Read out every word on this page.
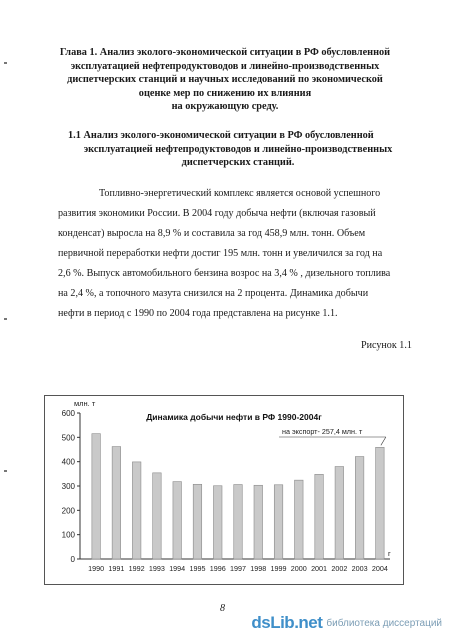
Глава 1. Анализ эколого-экономической ситуации в РФ обусловленной
эксплуатацией нефтепродуктоводов и линейно-производственных
диспетчерских станций и научных исследований по экономической
оценке мер по снижению их влияния
на окружающую среду.
1.1 Анализ эколого-экономической ситуации в РФ обусловленной
эксплуатацией нефтепродуктоводов и линейно-производственных
диспетчерских станций.
Топливно-энергетический комплекс является основой успешного
развития экономики России. В 2004 году добыча нефти (включая газовый
конденсат) выросла на 8,9 % и составила за год 458,9 млн. тонн. Объем
первичной переработки нефти достиг 195 млн. тонн и увеличился за год на
2,6 %. Выпуск автомобильного бензина возрос на 3,4 % , дизельного топлива
на 2,4 %, а топочного мазута снизился на 2 процента. Динамика добычи
нефти в период с 1990 по 2004 года представлена на рисунке 1.1.
Рисунок 1.1
0
100
200
300
400
500
600
млн. т
Динамика добычи нефти в РФ 1990-2004г
1990 1991 1992 1993 1994 1995 1996 1997 1998 1999 2000 2001 2002 2003 2004
г
на экспорт- 257,4 млн. т
8
dsLib.net библиотека диссертаций
